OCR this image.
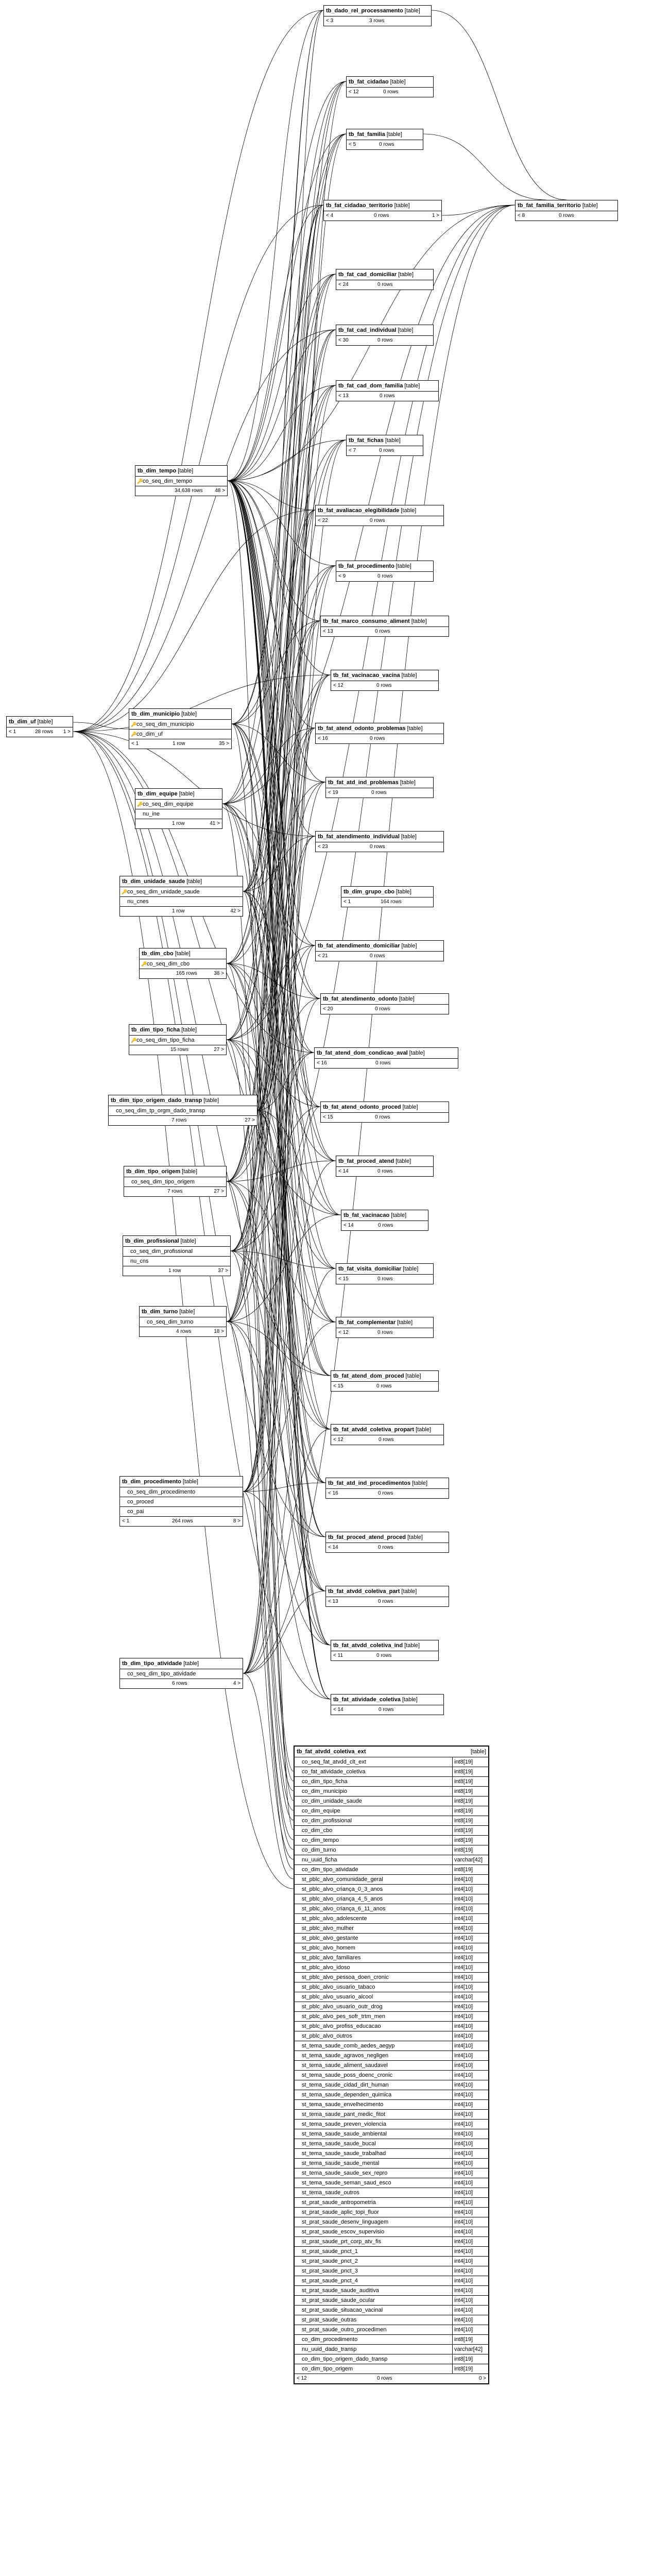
tb_dado_rel_processamento [table]
< 3	3 rows
tb_fat_cidadao [table]
< 12	0 rows
tb_fat_familia [table]
< 5	0 rows
tb_fat_cidadao_territorio [table]
< 4	0 rows	1 >
tb_fat_familia_territorio [table]
< 8	0 rows
tb_fat_cad_domiciliar [table]
< 24	0 rows
tb_fat_cad_individual [table]
< 30	0 rows
tb_fat_cad_dom_familia [table]
< 13	0 rows
tb_fat_fichas [table]
< 7	0 rows
tb_dim_tempo [table]
🔑 co_seq_dim_tempo
34,638 rows 48 >
tb_fat_avaliacao_elegibilidade [table]
< 22	0 rows
tb_fat_procedimento [table]
< 9	0 rows
tb_fat_marco_consumo_aliment [table]
< 13	0 rows
tb_fat_vacinacao_vacina [table]
< 12	0 rows
tb_dim_uf [table]
< 1	28 rows 1 >
tb_dim_municipio [table]
🔑 co_seq_dim_municipio
🔑 co_dim_uf
< 1	1 row	35 >
tb_fat_atend_odonto_problemas [table]
< 16	0 rows
tb_fat_atd_ind_problemas [table]
< 19	0 rows
tb_dim_equipe [table]
🔑 co_seq_dim_equipe
nu_ine
1 row	41 >
tb_fat_atendimento_individual [table]
< 23	0 rows
tb_dim_unidade_saude [table]
🔑 co_seq_dim_unidade_saude
nu_cnes
1 row	42 >
tb_dim_grupo_cbo [table]
< 1	164 rows
tb_dim_cbo [table]
🔑 co_seq_dim_cbo
165 rows	38 >
tb_fat_atendimento_domiciliar [table]
< 21	0 rows
tb_dim_tipo_ficha [table]
🔑 co_seq_dim_tipo_ficha
15 rows	27 >
tb_fat_atendimento_odonto [table]
< 20	0 rows
tb_dim_tipo_origem_dado_transp [table]
co_seq_dim_tp_orgm_dado_transp
7 rows	27 >
tb_fat_atend_dom_condicao_aval [table]
< 16	0 rows
tb_fat_atend_odonto_proced [table]
< 15	0 rows
tb_dim_tipo_origem [table]
co_seq_dim_tipo_origem
7 rows	27 >
tb_fat_proced_atend [table]
< 14	0 rows
tb_dim_profissional [table]
co_seq_dim_profissional
nu_cns
1 row	37 >
tb_fat_vacinacao [table]
< 14	0 rows
tb_fat_visita_domiciliar [table]
< 15	0 rows
tb_dim_turno [table]
co_seq_dim_turno
4 rows	18 >
tb_fat_complementar [table]
< 12	0 rows
tb_fat_atend_dom_proced [table]
< 15	0 rows
tb_fat_atvdd_coletiva_propart [table]
< 12	0 rows
tb_dim_procedimento [table]
co_seq_dim_procedimento
co_proced
co_pai
< 1	264 rows	8 >
tb_fat_atd_ind_procedimentos [table]
< 16	0 rows
tb_fat_proced_atend_proced [table]
< 14	0 rows
tb_fat_atvdd_coletiva_part [table]
< 13	0 rows
tb_fat_atvdd_coletiva_ind [table]
< 11	0 rows
tb_dim_tipo_atividade [table]
co_seq_dim_tipo_atividade
6 rows	4 >
tb_fat_atividade_coletiva [table]
< 14	0 rows
tb_fat_atvdd_coletiva_ext	[table]
co_seq_fat_atvdd_clt_ext	int8[19]
co_fat_atividade_coletiva	int8[19]
co_dim_tipo_ficha	int8[19]
co_dim_municipio	int8[19]
co_dim_unidade_saude	int8[19]
co_dim_equipe	int8[19]
co_dim_profissional	int8[19]
co_dim_cbo	int8[19]
co_dim_tempo	int8[19]
co_dim_turno	int8[19]
nu_uuid_ficha	varchar[42]
co_dim_tipo_atividade	int8[19]
st_pblc_alvo_comunidade_geral	int4[10]
st_pblc_alvo_criança_0_3_anos	int4[10]
st_pblc_alvo_criança_4_5_anos	int4[10]
st_pblc_alvo_criança_6_11_anos	int4[10]
st_pblc_alvo_adolescente	int4[10]
st_pblc_alvo_mulher	int4[10]
st_pblc_alvo_gestante	int4[10]
st_pblc_alvo_homem	int4[10]
st_pblc_alvo_familiares	int4[10]
st_pblc_alvo_idoso	int4[10]
st_pblc_alvo_pessoa_doen_cronic	int4[10]
st_pblc_alvo_usuario_tabaco	int4[10]
st_pblc_alvo_usuario_alcool	int4[10]
st_pblc_alvo_usuario_outr_drog	int4[10]
st_pblc_alvo_pes_sofr_trtm_men	int4[10]
st_pblc_alvo_profiss_educacao	int4[10]
st_pblc_alvo_outros	int4[10]
st_tema_saude_comb_aedes_aegyp	int4[10]
st_tema_saude_agravos_negligen	int4[10]
st_tema_saude_aliment_saudavel	int4[10]
st_tema_saude_poss_doenc_cronic	int4[10]
st_tema_saude_cidad_dirt_human	int4[10]
st_tema_saude_dependen_quimica	int4[10]
st_tema_saude_envelhecimento	int4[10]
st_tema_saude_pant_medic_fitot	int4[10]
st_tema_saude_preven_violencia	int4[10]
st_tema_saude_saude_ambiental	int4[10]
st_tema_saude_saude_bucal	int4[10]
st_tema_saude_saude_trabalhad	int4[10]
st_tema_saude_saude_mental	int4[10]
st_tema_saude_saude_sex_repro	int4[10]
st_tema_saude_seman_saud_esco	int4[10]
st_tema_saude_outros	int4[10]
st_prat_saude_antropometria	int4[10]
st_prat_saude_aplic_topi_fluor	int4[10]
st_prat_saude_desenv_linguagem	int4[10]
st_prat_saude_escov_supervisio	int4[10]
st_prat_saude_prt_corp_atv_fis	int4[10]
st_prat_saude_pnct_1	int4[10]
st_prat_saude_pnct_2	int4[10]
st_prat_saude_pnct_3	int4[10]
st_prat_saude_pnct_4	int4[10]
st_prat_saude_saude_auditiva	int4[10]
st_prat_saude_saude_ocular	int4[10]
st_prat_saude_situacao_vacinal	int4[10]
st_prat_saude_outras	int4[10]
st_prat_saude_outro_procedimen	int4[10]
co_dim_procedimento	int8[19]
nu_uuid_dado_transp	varchar[42]
co_dim_tipo_origem_dado_transp	int8[19]
co_dim_tipo_origem	int8[19]
< 12	0 rows	0 >
